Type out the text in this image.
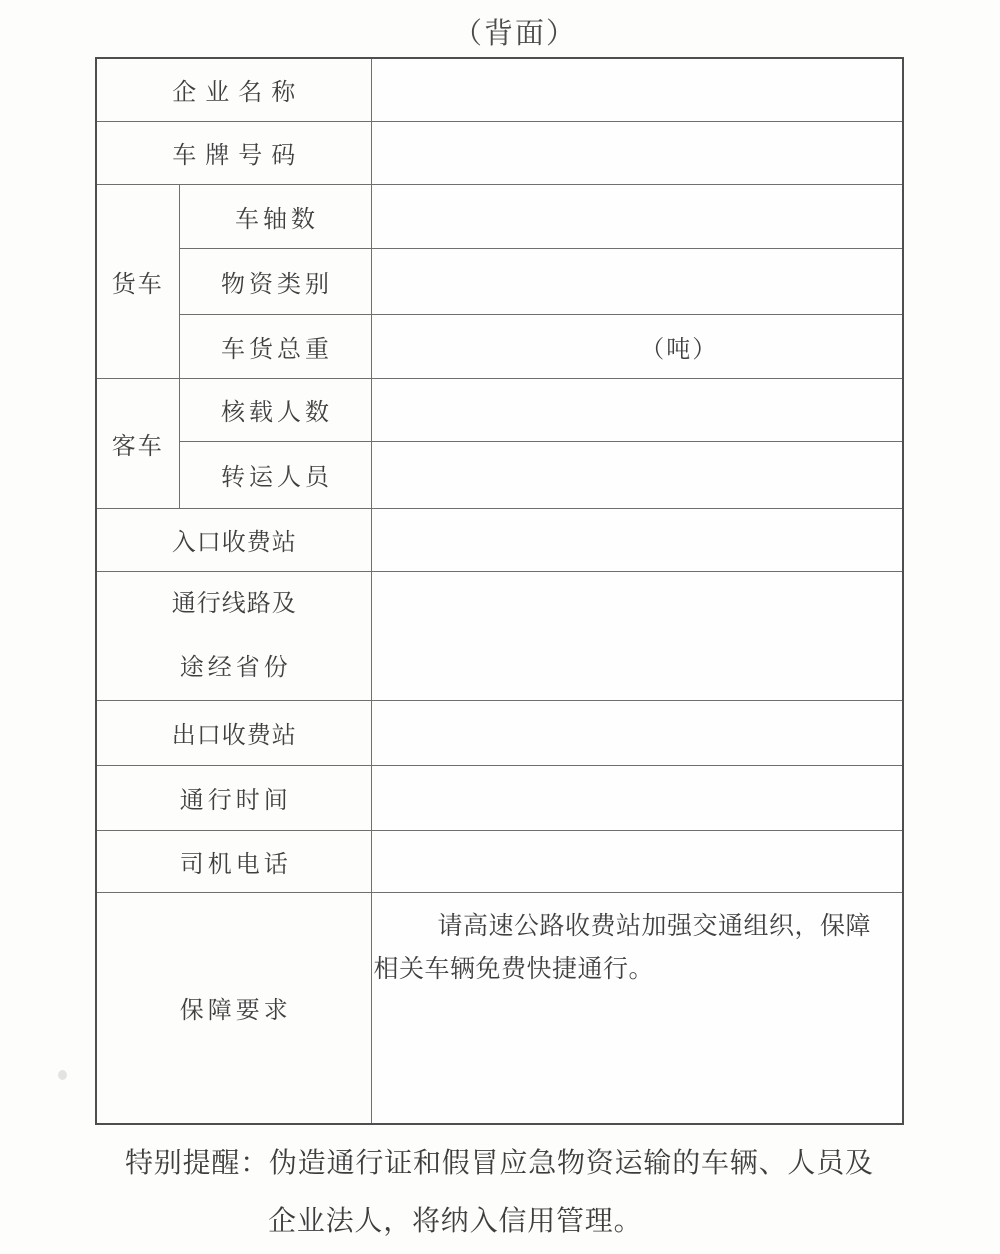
（背面）
企业名称		
车牌号码		
货车	车轴数	
	物资类别	
	车货总重	（吨）
客车	核载人数	
	转运人员	
入口收费站		

通行线路及
途经省份		

出口收费站		
通行时间		
司机电话		
保障要求		请高速公路收费站加强交通组织，保障

相关车辆免费快捷通行。

特别提醒：伪造通行证和假冒应急物资运输的车辆、人员及
企业法人，将纳入信用管理。
